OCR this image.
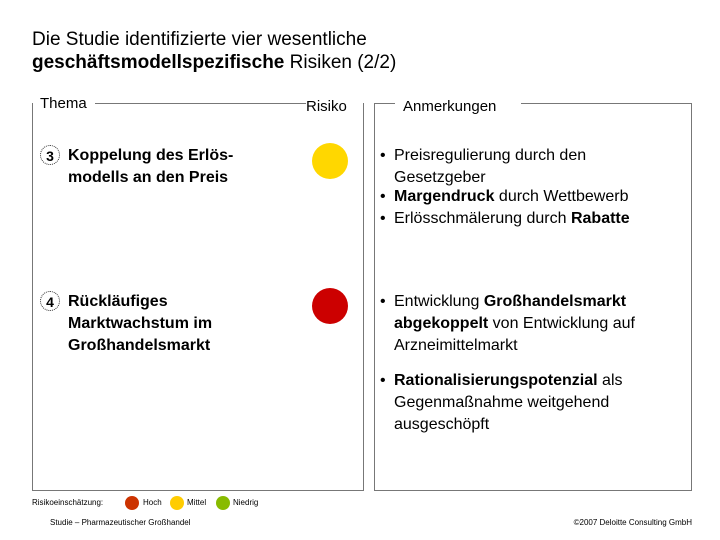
Die Studie identifizierte vier wesentliche
geschäftsmodellspezifische Risiken (2/2)
Thema	Risiko	Anmerkungen
3 Koppelung des Erlös-
modells an den Preis
• Preisregulierung durch den Gesetzgeber
• Margendruck durch Wettbewerb
• Erlösschmälerung durch Rabatte
4 Rückläufiges
Marktwachstum im
Großhandelsmarkt
• Entwicklung Großhandelsmarkt abgekoppelt von Entwicklung auf Arzneimittelmarkt
• Rationalisierungspotenzial als Gegenmaßnahme weitgehend ausgeschöpft
Risikoeinschätzung:	Hoch	Mittel	Niedrig
Studie – Pharmazeutischer Großhandel	©2007 Deloitte Consulting GmbH
